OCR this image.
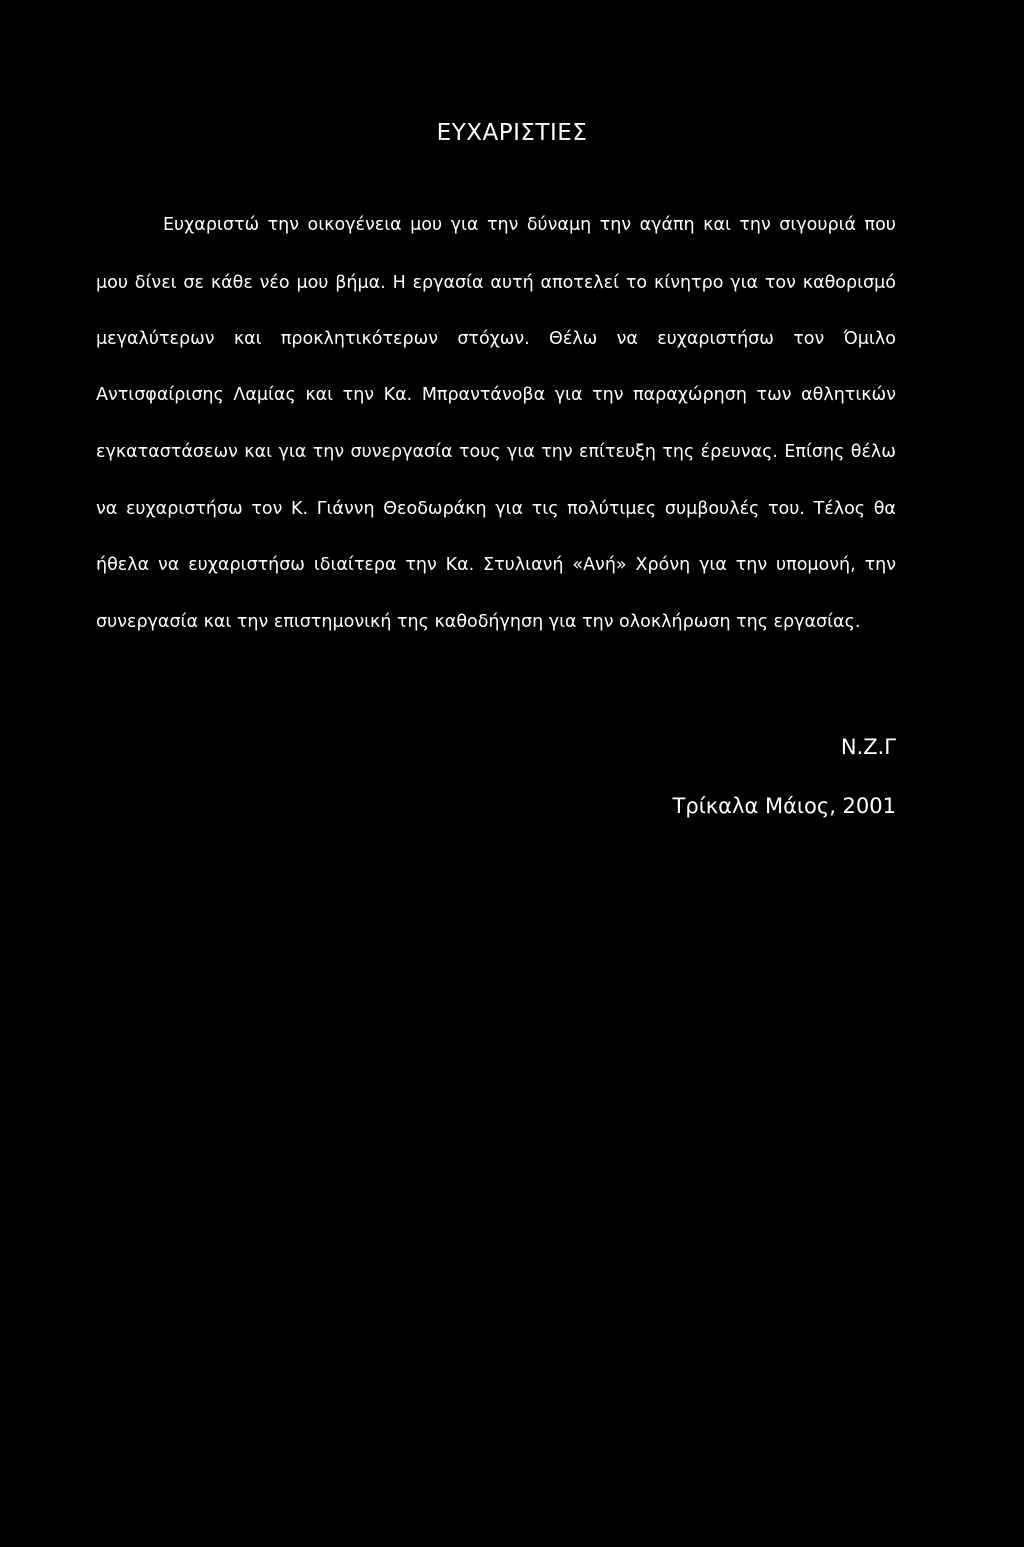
ΕΥΧΑΡΙΣΤΙΕΣ
Ευχαριστώ την οικογένεια μου για την δύναμη την αγάπη και την σιγουριά που
μου δίνει σε κάθε νέο μου βήμα. Η εργασία αυτή αποτελεί το κίνητρο για τον καθορισμό
μεγαλύτερων και προκλητικότερων στόχων. Θέλω να ευχαριστήσω τον Όμιλο
Αντισφαίρισης Λαμίας και την Κα. Μπραντάνοβα για την παραχώρηση των αθλητικών
εγκαταστάσεων και για την συνεργασία τους για την επίτευξη της έρευνας. Επίσης θέλω
να ευχαριστήσω τον Κ. Γιάννη Θεοδωράκη για τις πολύτιμες συμβουλές του. Τέλος θα
ήθελα να ευχαριστήσω ιδιαίτερα την Κα. Στυλιανή «Ανή» Χρόνη για την υπομονή, την
συνεργασία και την επιστημονική της καθοδήγηση για την ολοκλήρωση της εργασίας.
Ν.Ζ.Γ
Τρίκαλα Μάιος, 2001
